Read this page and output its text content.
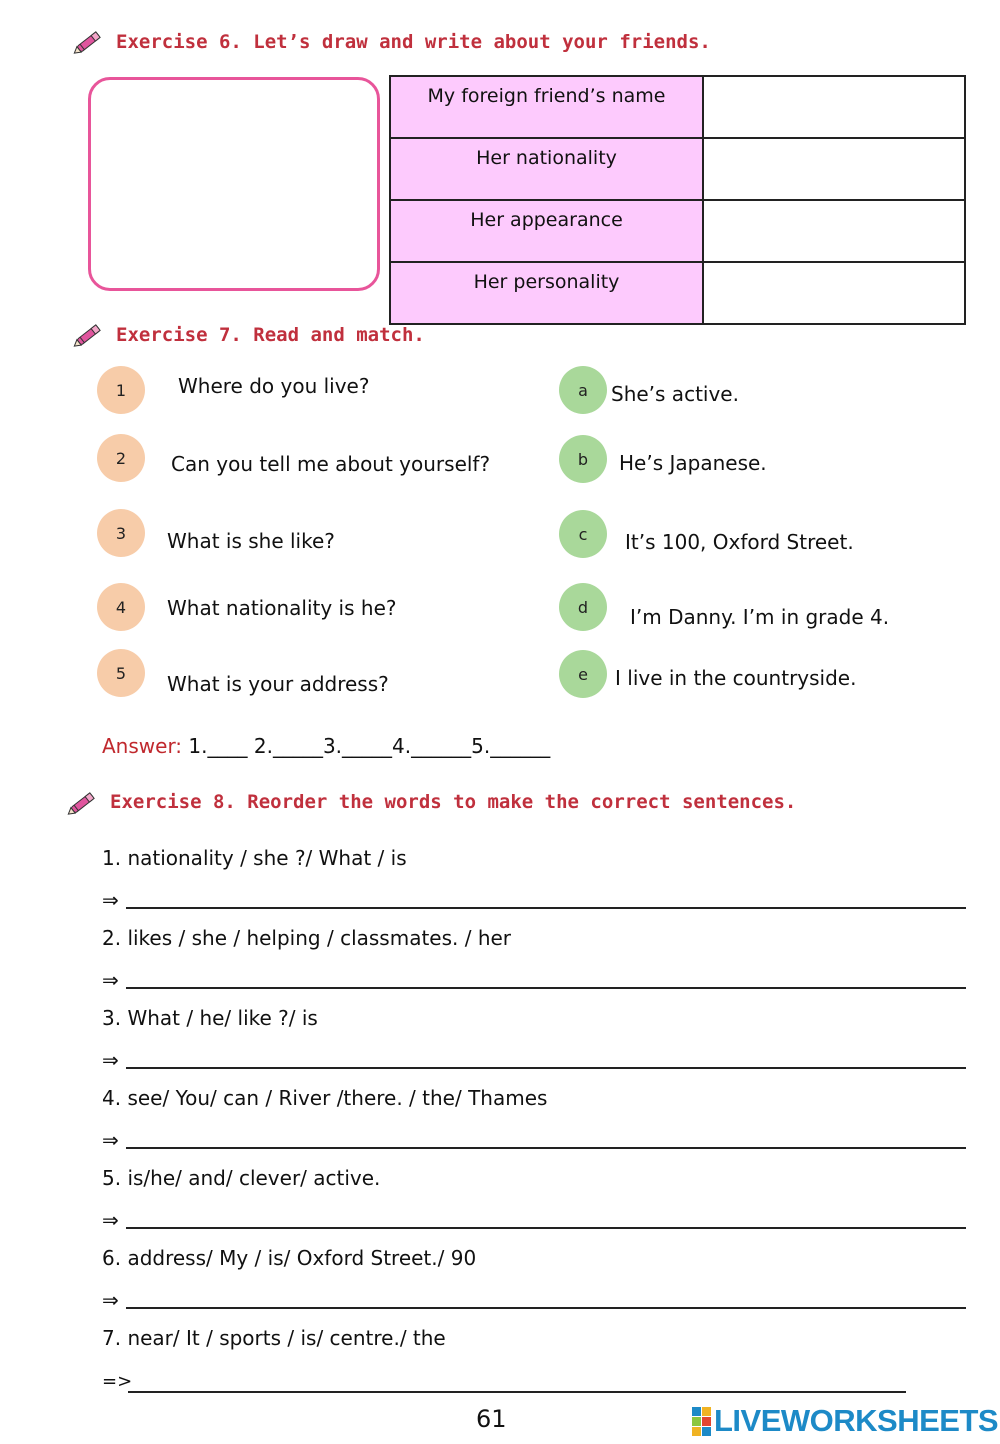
Exercise 6. Let’s draw and write about your friends.
My foreign friend’s name	
Her nationality	
Her appearance	
Her personality	
Exercise 7. Read and match.
1	Where do you live?
2	Can you tell me about yourself?
3	What is she like?
4	What nationality is he?
5	What is your address?
a	She’s active.
b	He’s Japanese.
c	It’s 100, Oxford Street.
d	I’m Danny. I’m in grade 4.
e	I live in the countryside.
Answer: 1.____ 2._____3._____4.______5.______
Exercise 8. Reorder the words to make the correct sentences.
1. nationality / she ?/ What / is
⇒
2. likes / she / helping / classmates. / her
⇒
3. What / he/ like ?/ is
⇒
4. see/ You/ can / River /there. / the/ Thames
⇒
5. is/he/ and/ clever/ active.
⇒
6. address/ My / is/ Oxford Street./ 90
⇒
7. near/ It / sports / is/ centre./ the
=>
61	LIVEWORKSHEETS
